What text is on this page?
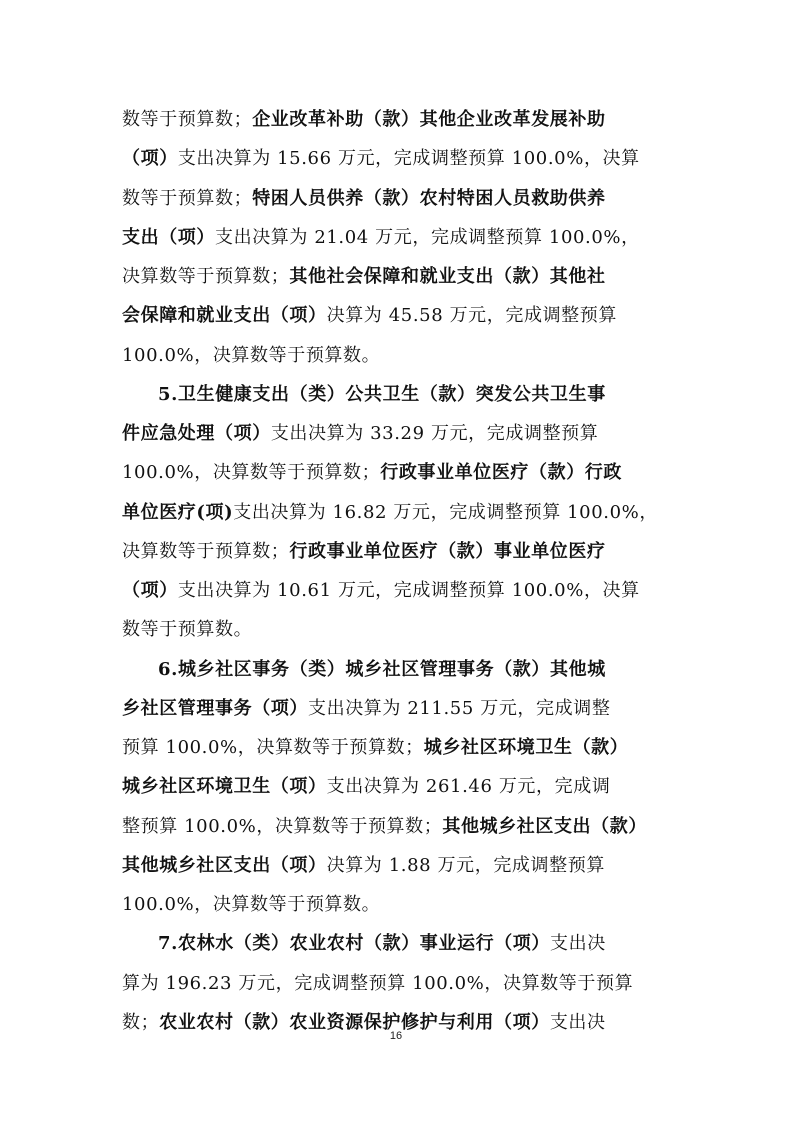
数等于预算数；企业改革补助（款）其他企业改革发展补助
（项）支出决算为 15.66 万元，完成调整预算 100.0%，决算
数等于预算数；特困人员供养（款）农村特困人员救助供养
支出（项）支出决算为 21.04 万元，完成调整预算 100.0%，
决算数等于预算数；其他社会保障和就业支出（款）其他社
会保障和就业支出（项）决算为 45.58 万元，完成调整预算
100.0%，决算数等于预算数。
5.卫生健康支出（类）公共卫生（款）突发公共卫生事
件应急处理（项）支出决算为 33.29 万元，完成调整预算
100.0%，决算数等于预算数；行政事业单位医疗（款）行政
单位医疗(项)支出决算为 16.82 万元，完成调整预算 100.0%，
决算数等于预算数；行政事业单位医疗（款）事业单位医疗
（项）支出决算为 10.61 万元，完成调整预算 100.0%，决算
数等于预算数。
6.城乡社区事务（类）城乡社区管理事务（款）其他城
乡社区管理事务（项）支出决算为 211.55 万元，完成调整
预算 100.0%，决算数等于预算数；城乡社区环境卫生（款）
城乡社区环境卫生（项）支出决算为 261.46 万元，完成调
整预算 100.0%，决算数等于预算数；其他城乡社区支出（款）
其他城乡社区支出（项）决算为 1.88 万元，完成调整预算
100.0%，决算数等于预算数。
7.农林水（类）农业农村（款）事业运行（项）支出决
算为 196.23 万元，完成调整预算 100.0%，决算数等于预算
数；农业农村（款）农业资源保护修护与利用（项）支出决
16
